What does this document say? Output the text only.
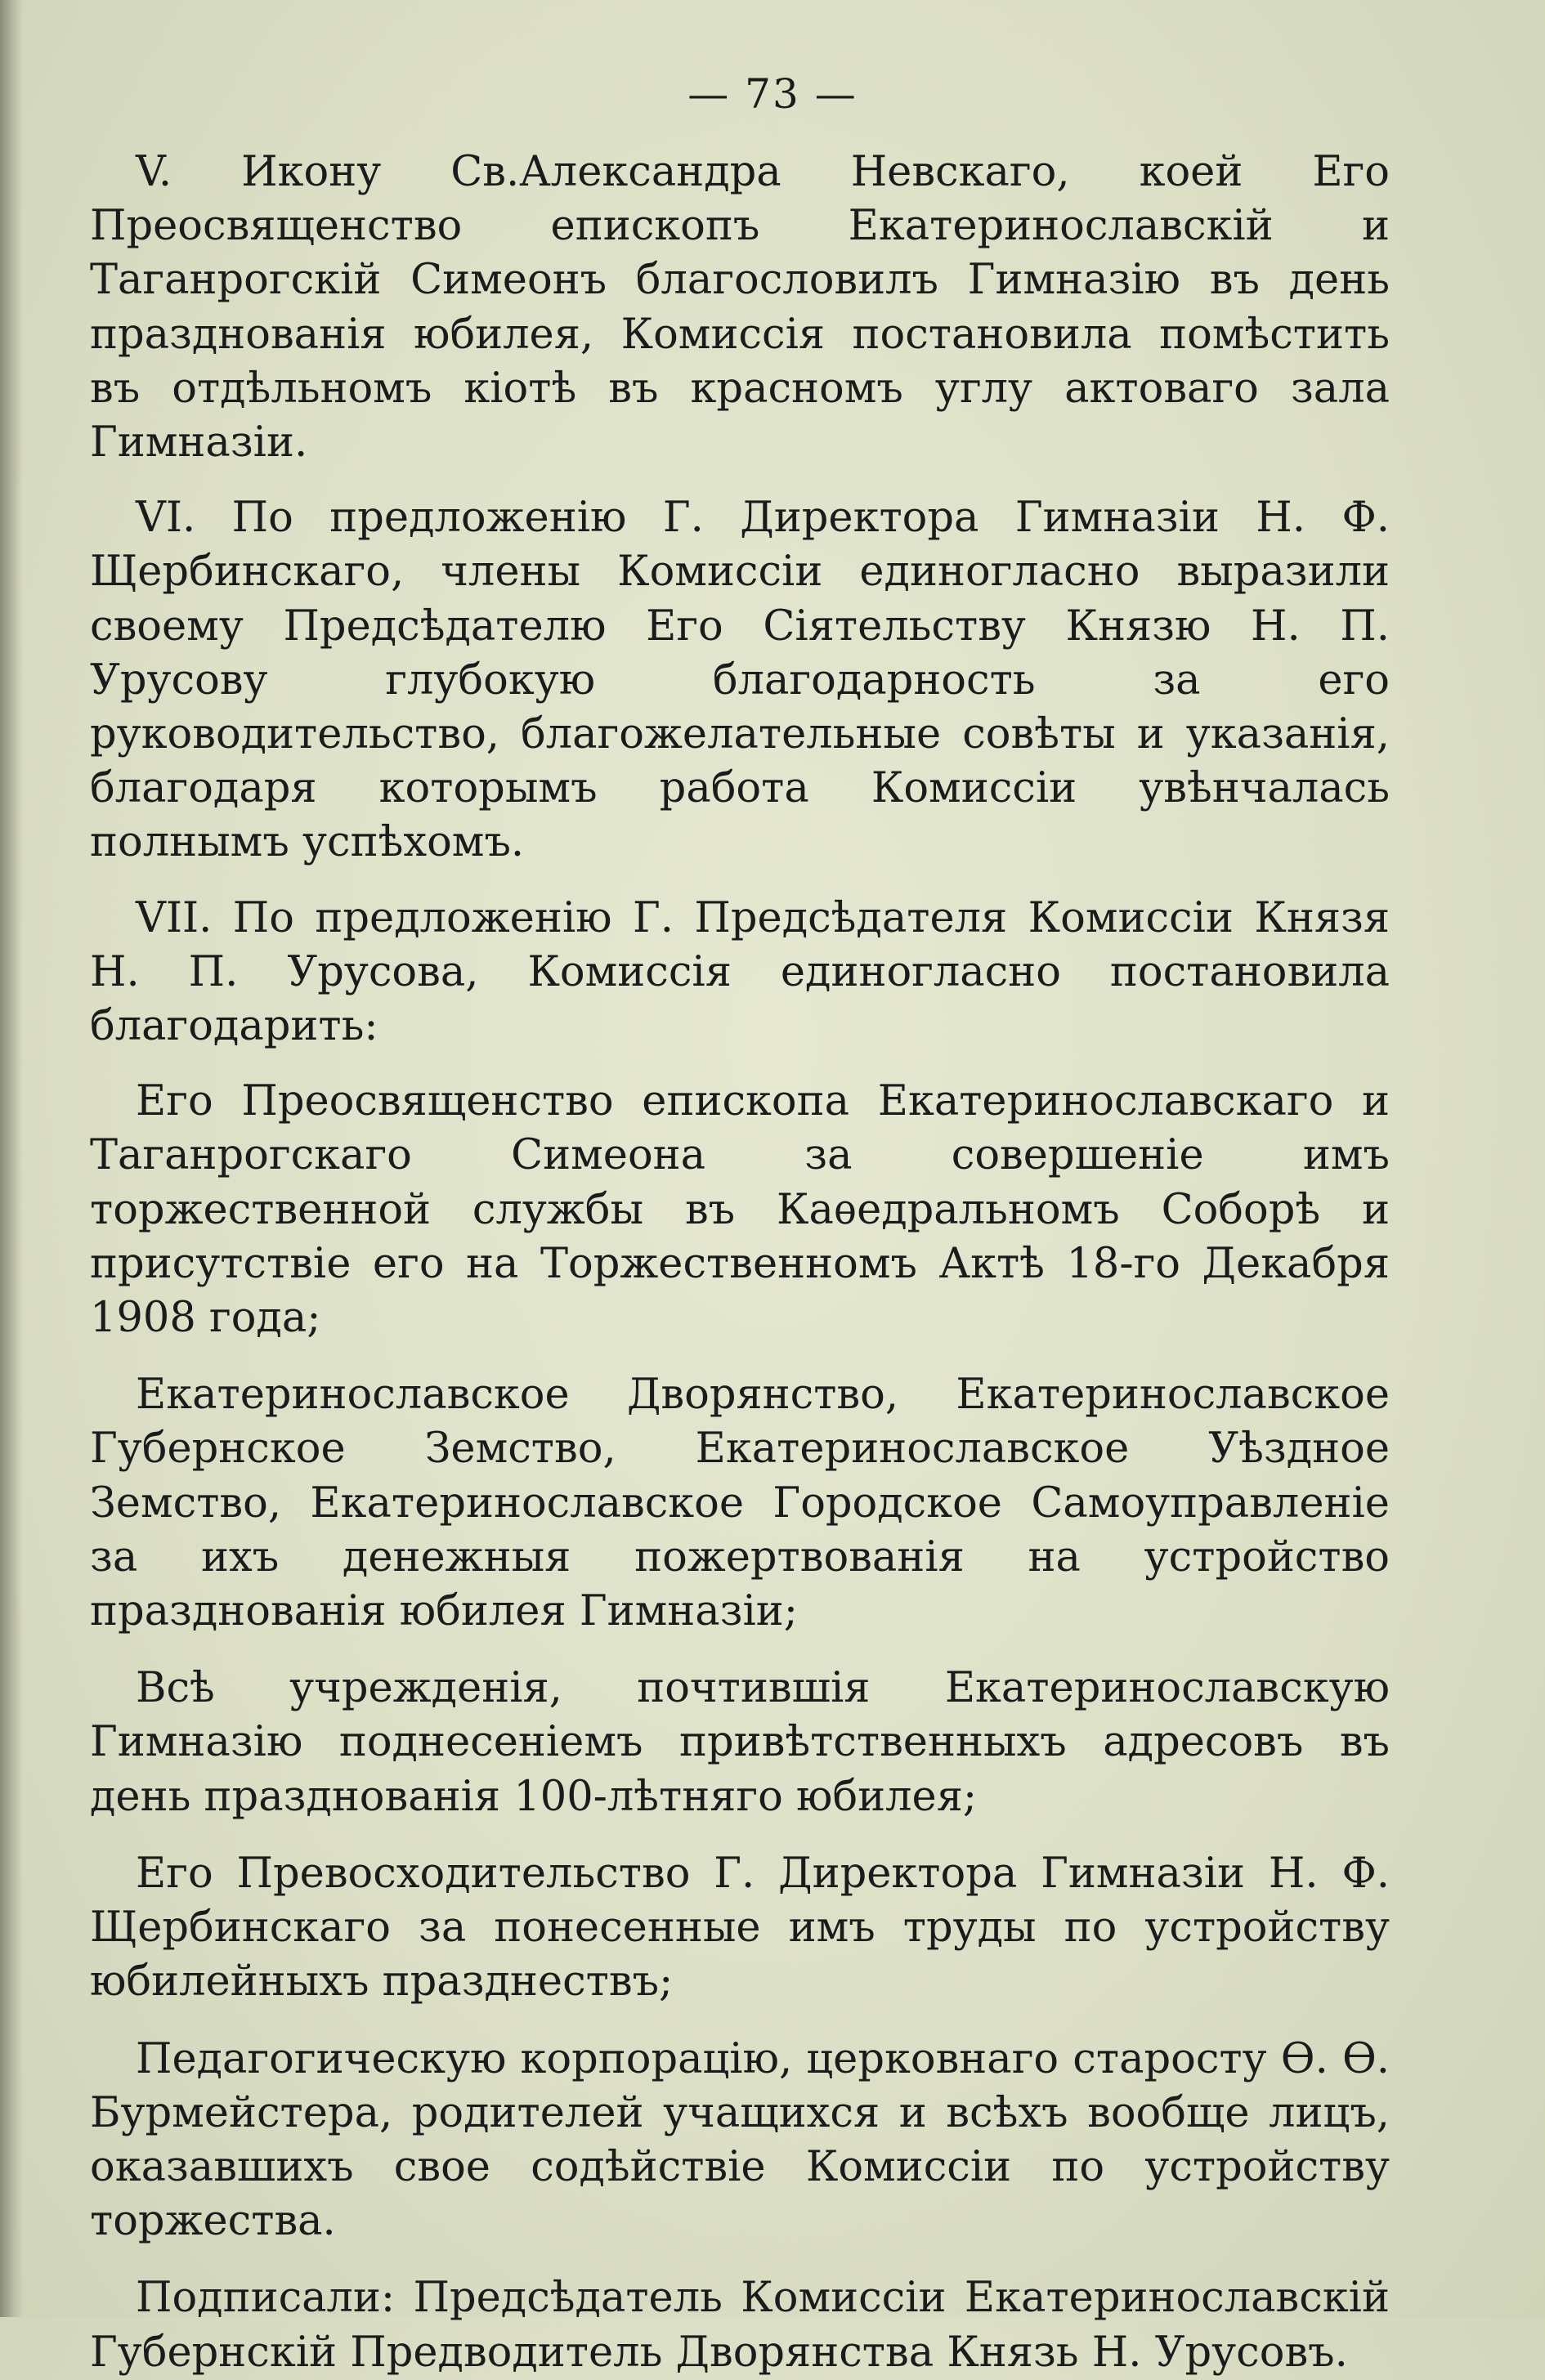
— 73 —

V. Икону Св.Александра Невскаго, коей Его Преосвященство епископъ Екатеринославскій и Таганрогскій Симеонъ благословилъ Гимназію въ день празднованія юбилея, Комиссія постановила помѣстить въ отдѣльномъ кіотѣ въ красномъ углу актоваго зала Гимназіи.

VI. По предложенію Г. Директора Гимназіи Н. Ф. Щербинскаго, члены Комиссіи единогласно выразили своему Предсѣдателю Его Сіятельству Князю Н. П. Урусову глубокую благодарность за его руководительство, благожелательные совѣты и указанія, благодаря которымъ работа Комиссіи увѣнчалась полнымъ успѣхомъ.

VII. По предложенію Г. Предсѣдателя Комиссіи Князя Н. П. Урусова, Комиссія единогласно постановила благодарить:

Его Преосвященство епископа Екатеринославскаго и Таганрогскаго Симеона за совершеніе имъ торжественной службы въ Каѳедральномъ Соборѣ и присутствіе его на Торжественномъ Актѣ 18-го Декабря 1908 года;

Екатеринославское Дворянство, Екатеринославское Губернское Земство, Екатеринославское Уѣздное Земство, Екатеринославское Городское Самоуправленіе за ихъ денежныя пожертвованія на устройство празднованія юбилея Гимназіи;

Всѣ учрежденія, почтившія Екатеринославскую Гимназію поднесеніемъ привѣтственныхъ адресовъ въ день празднованія 100-лѣтняго юбилея;

Его Превосходительство Г. Директора Гимназіи Н. Ф. Щербинскаго за понесенные имъ труды по устройству юбилейныхъ празднествъ;

Педагогическую корпорацію, церковнаго старосту Ѳ. Ѳ. Бурмейстера, родителей учащихся и всѣхъ вообще лицъ, оказавшихъ свое содѣйствіе Комиссіи по устройству торжества.

Подписали: Предсѣдатель Комиссіи Екатеринославскій Губернскій Предводитель Дворянства Князь Н. Урусовъ.
